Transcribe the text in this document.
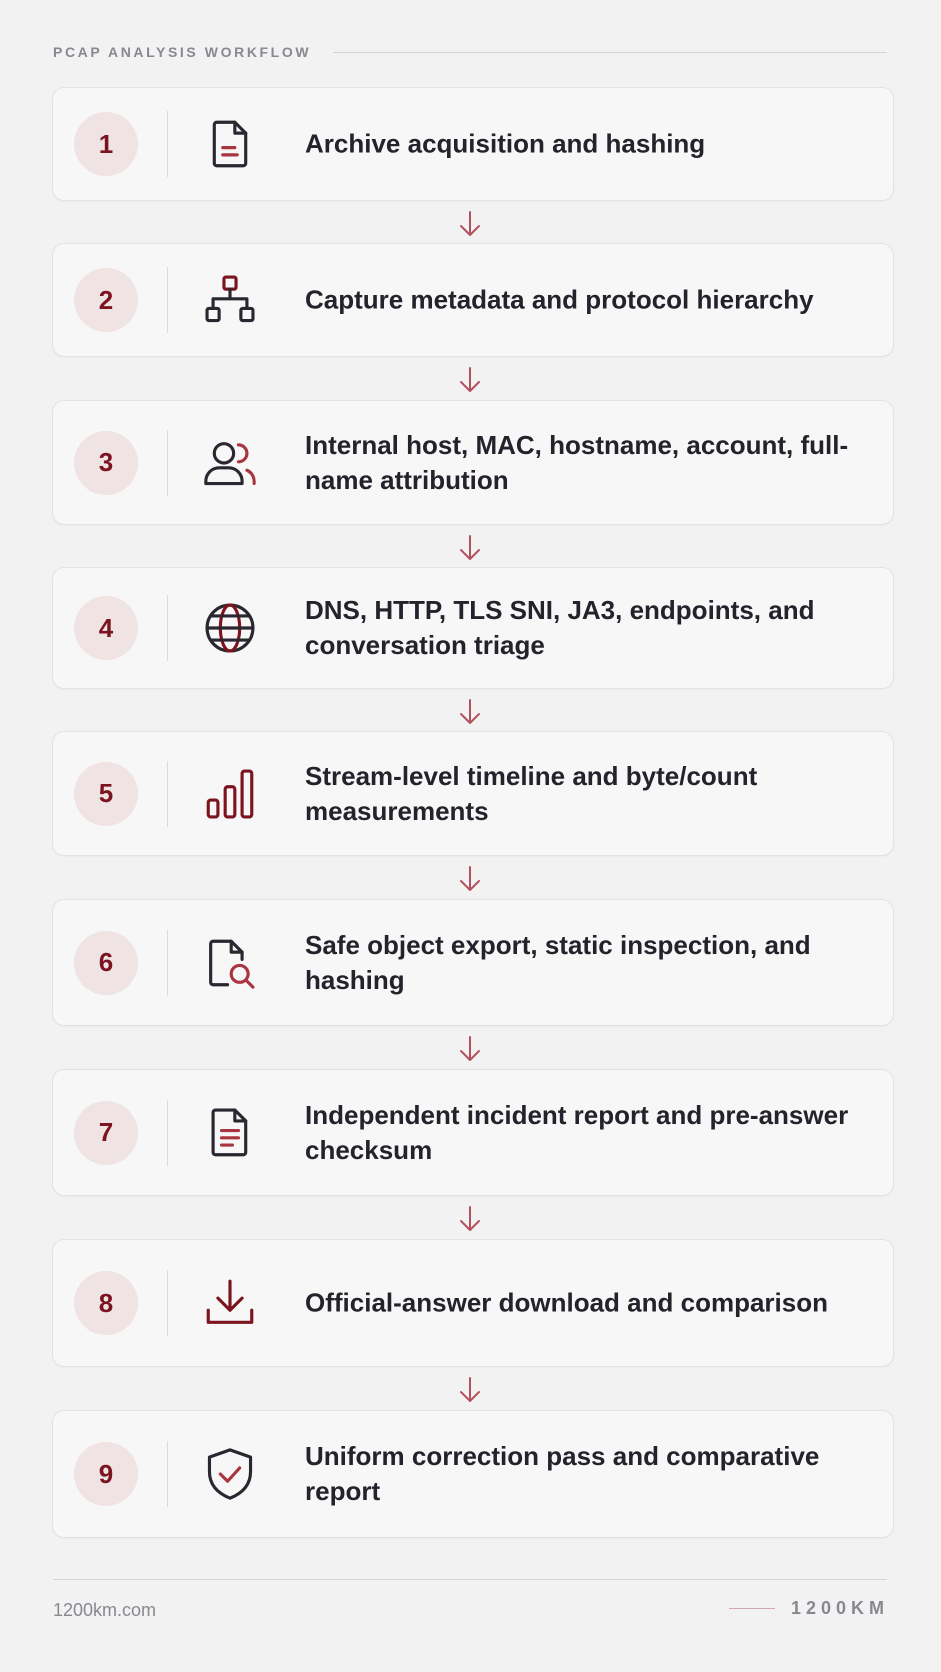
PCAP ANALYSIS WORKFLOW
1	Archive acquisition and hashing
2	Capture metadata and protocol hierarchy
3
Internal host, MAC, hostname, account, full-name attribution
4
DNS, HTTP, TLS SNI, JA3, endpoints, and conversation triage
5
Stream-level timeline and byte/count measurements
6
Safe object export, static inspection, and hashing
7
Independent incident report and pre-answer checksum
8	Official-answer download and comparison
9
Uniform correction pass and comparative report
1200km.com	1200KM
